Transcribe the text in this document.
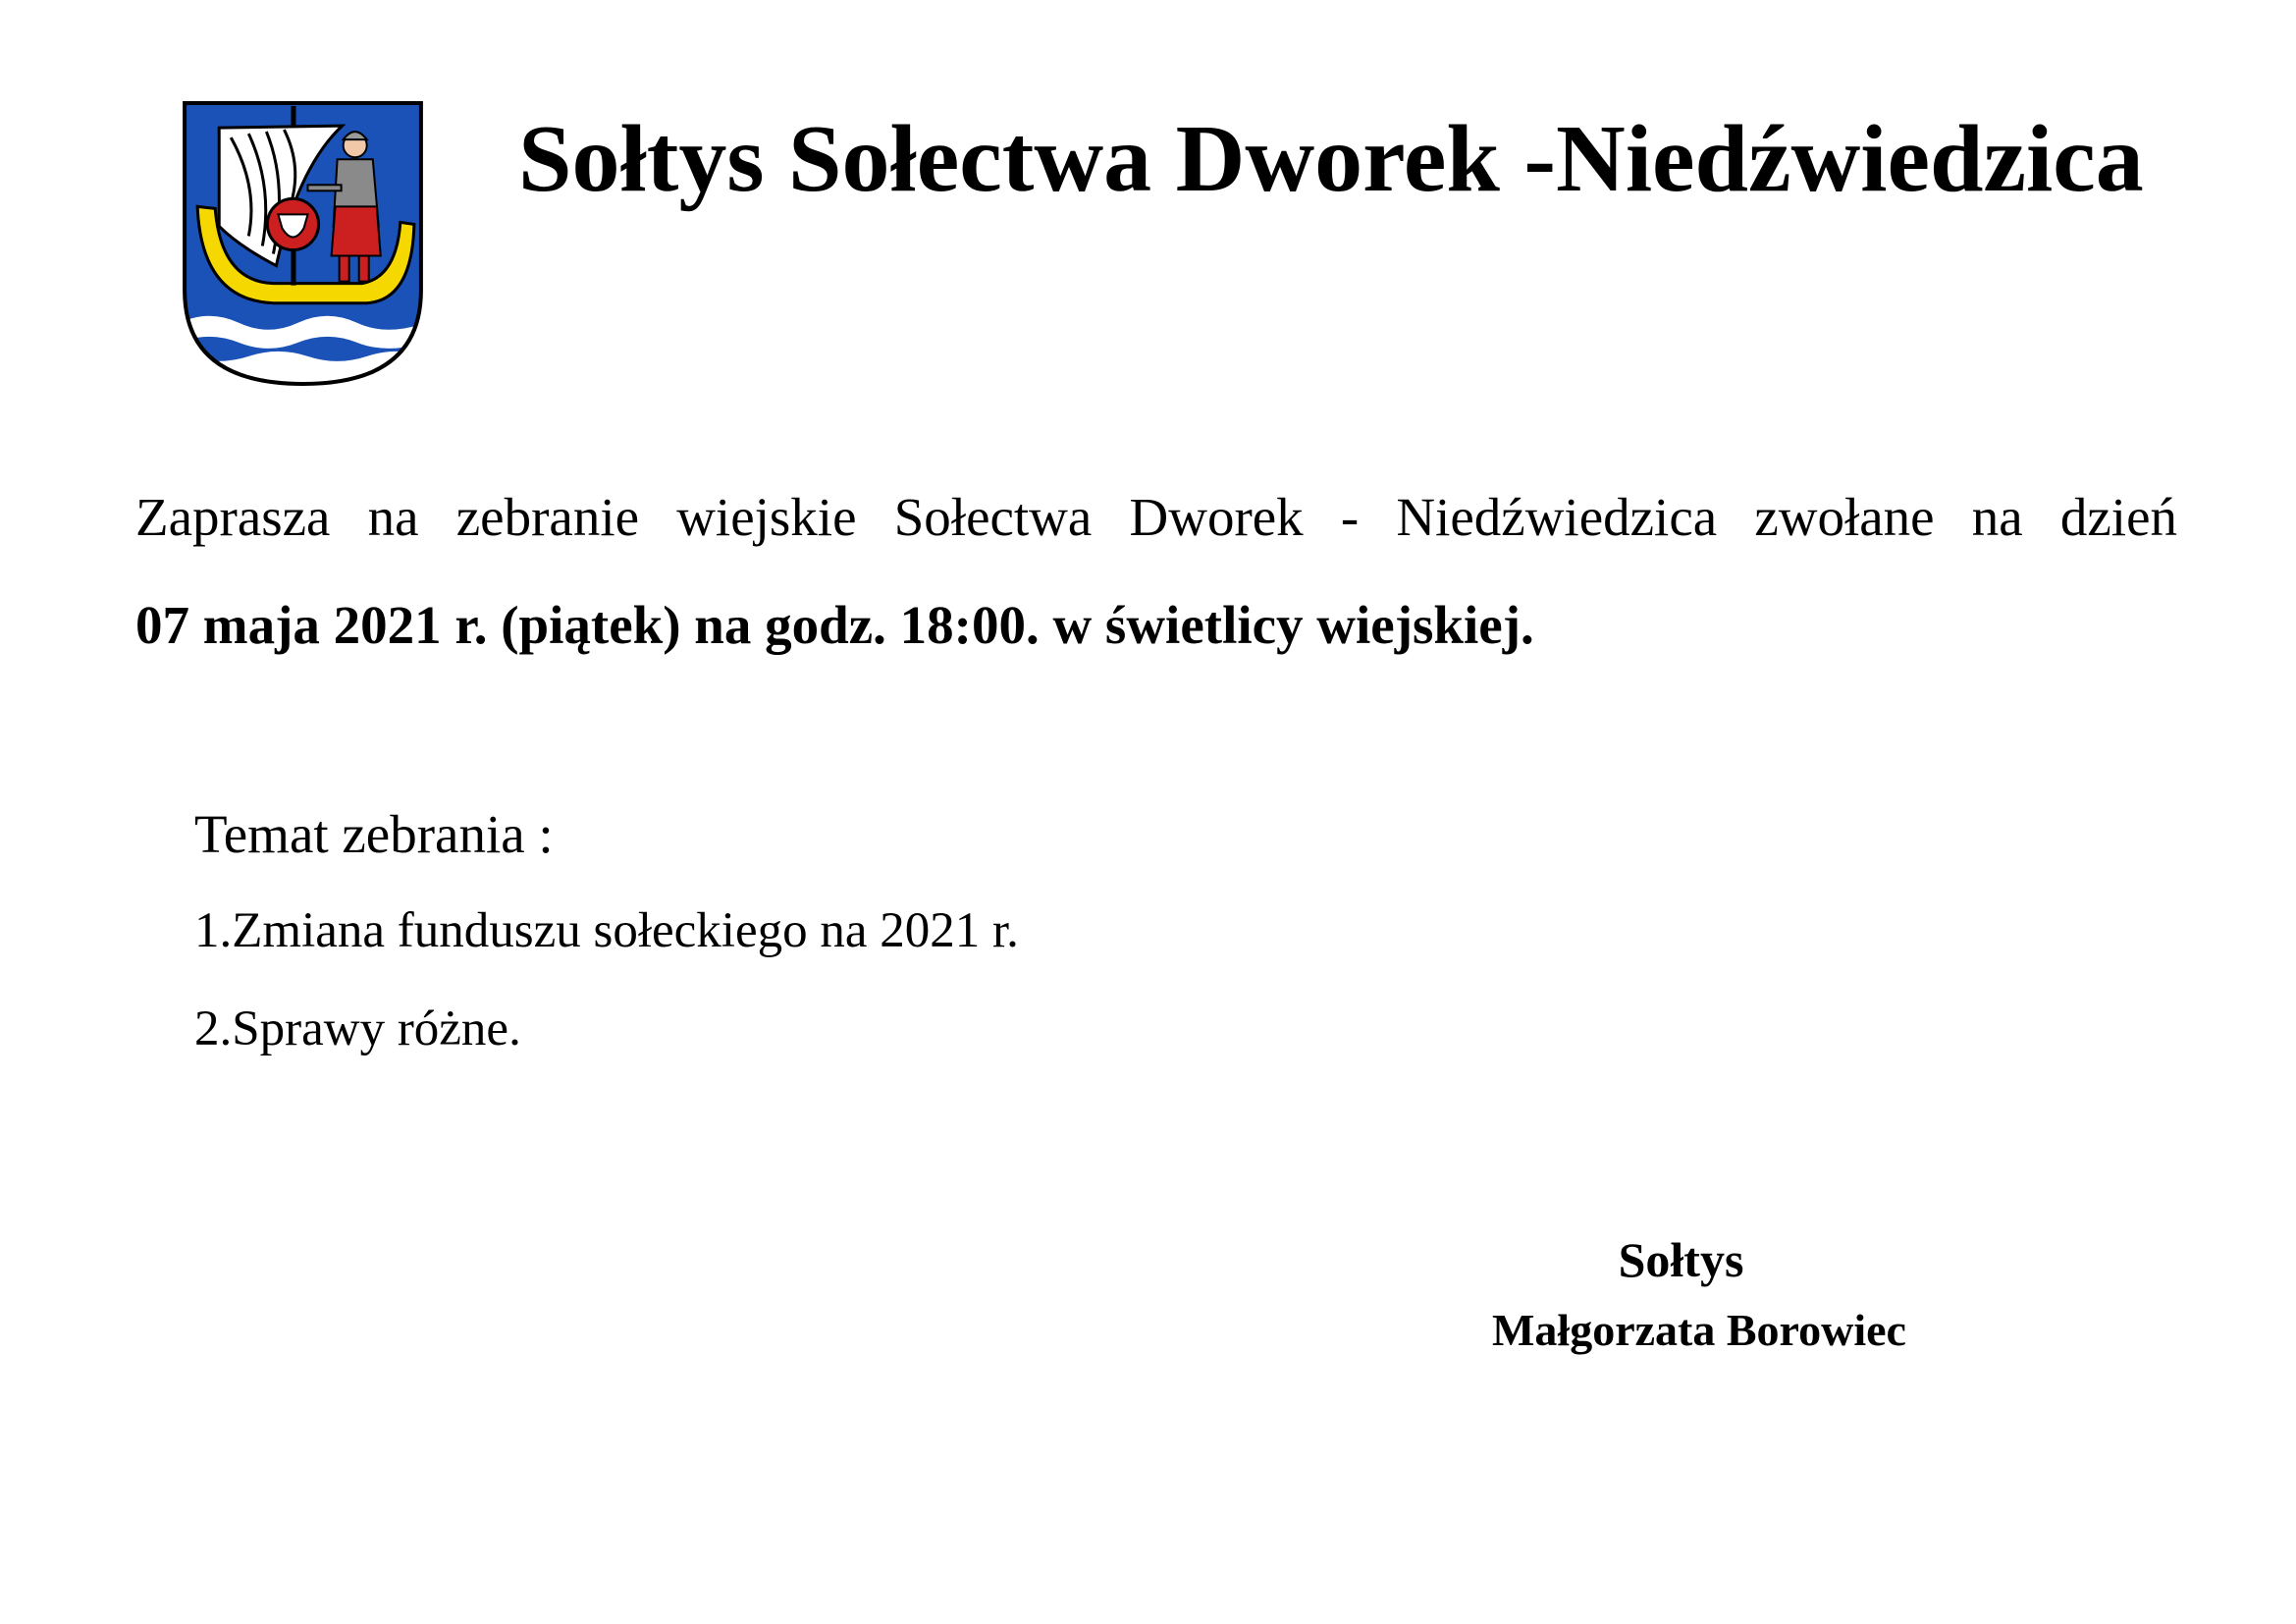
Sołtys Sołectwa Dworek -Niedźwiedzica

Zaprasza na zebranie wiejskie Sołectwa Dworek - Niedźwiedzica zwołane na dzień

07 maja 2021 r. (piątek) na godz. 18:00. w świetlicy wiejskiej.

Temat zebrania :

1.Zmiana funduszu sołeckiego na 2021 r.
2.Sprawy różne.
Sołtys
Małgorzata Borowiec
